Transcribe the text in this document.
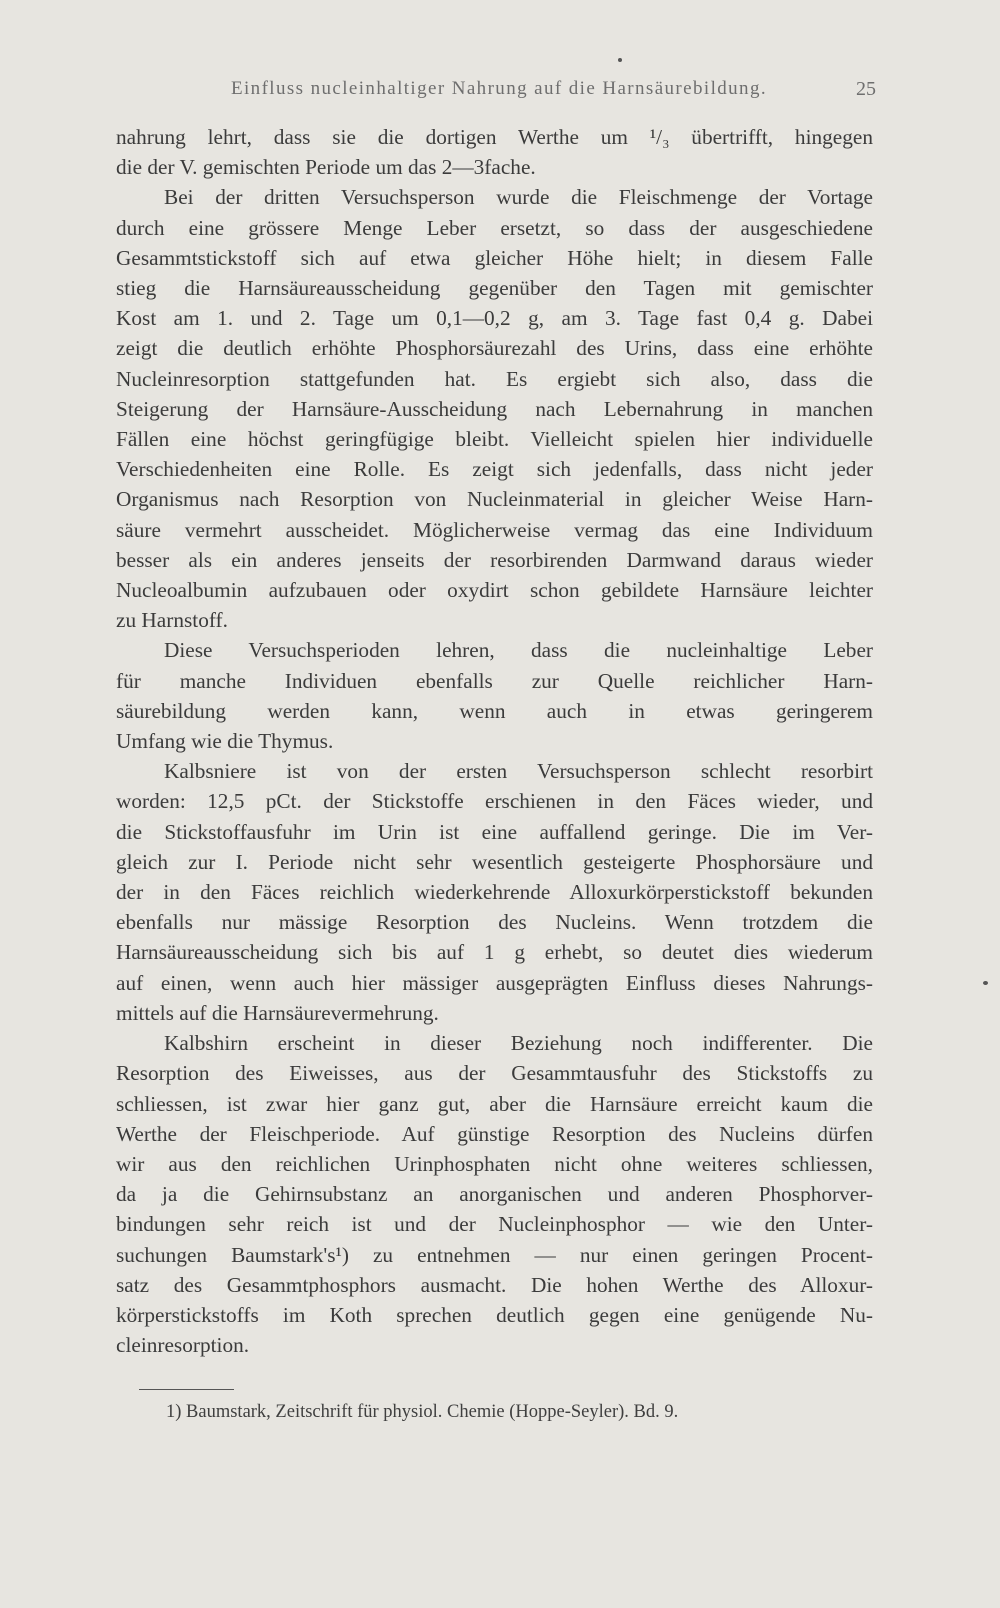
Einfluss nucleinhaltiger Nahrung auf die Harnsäurebildung.	25
nahrung lehrt, dass sie die dortigen Werthe um ¹/₃ übertrifft, hingegen
die der V. gemischten Periode um das 2—3fache.
Bei der dritten Versuchsperson wurde die Fleischmenge der Vortage
durch eine grössere Menge Leber ersetzt, so dass der ausgeschiedene
Gesammtstickstoff sich auf etwa gleicher Höhe hielt; in diesem Falle
stieg die Harnsäureausscheidung gegenüber den Tagen mit gemischter
Kost am 1. und 2. Tage um 0,1—0,2 g, am 3. Tage fast 0,4 g. Dabei
zeigt die deutlich erhöhte Phosphorsäurezahl des Urins, dass eine erhöhte
Nucleinresorption stattgefunden hat. Es ergiebt sich also, dass die
Steigerung der Harnsäure-Ausscheidung nach Lebernahrung in manchen
Fällen eine höchst geringfügige bleibt. Vielleicht spielen hier individuelle
Verschiedenheiten eine Rolle. Es zeigt sich jedenfalls, dass nicht jeder
Organismus nach Resorption von Nucleinmaterial in gleicher Weise Harn-
säure vermehrt ausscheidet. Möglicherweise vermag das eine Individuum
besser als ein anderes jenseits der resorbirenden Darmwand daraus wieder
Nucleoalbumin aufzubauen oder oxydirt schon gebildete Harnsäure leichter
zu Harnstoff.
Diese Versuchsperioden lehren, dass die nucleinhaltige Leber
für manche Individuen ebenfalls zur Quelle reichlicher Harn-
säurebildung werden kann, wenn auch in etwas geringerem
Umfang wie die Thymus.
Kalbsniere ist von der ersten Versuchsperson schlecht resorbirt
worden: 12,5 pCt. der Stickstoffe erschienen in den Fäces wieder, und
die Stickstoffausfuhr im Urin ist eine auffallend geringe. Die im Ver-
gleich zur I. Periode nicht sehr wesentlich gesteigerte Phosphorsäure und
der in den Fäces reichlich wiederkehrende Alloxurkörperstickstoff bekunden
ebenfalls nur mässige Resorption des Nucleins. Wenn trotzdem die
Harnsäureausscheidung sich bis auf 1 g erhebt, so deutet dies wiederum
auf einen, wenn auch hier mässiger ausgeprägten Einfluss dieses Nahrungs-
mittels auf die Harnsäurevermehrung.
Kalbshirn erscheint in dieser Beziehung noch indifferenter. Die
Resorption des Eiweisses, aus der Gesammtausfuhr des Stickstoffs zu
schliessen, ist zwar hier ganz gut, aber die Harnsäure erreicht kaum die
Werthe der Fleischperiode. Auf günstige Resorption des Nucleins dürfen
wir aus den reichlichen Urinphosphaten nicht ohne weiteres schliessen,
da ja die Gehirnsubstanz an anorganischen und anderen Phosphorver-
bindungen sehr reich ist und der Nucleinphosphor — wie den Unter-
suchungen Baumstark's¹) zu entnehmen — nur einen geringen Procent-
satz des Gesammtphosphors ausmacht. Die hohen Werthe des Alloxur-
körperstickstoffs im Koth sprechen deutlich gegen eine genügende Nu-
cleinresorption.
1) Baumstark, Zeitschrift für physiol. Chemie (Hoppe-Seyler). Bd. 9.
